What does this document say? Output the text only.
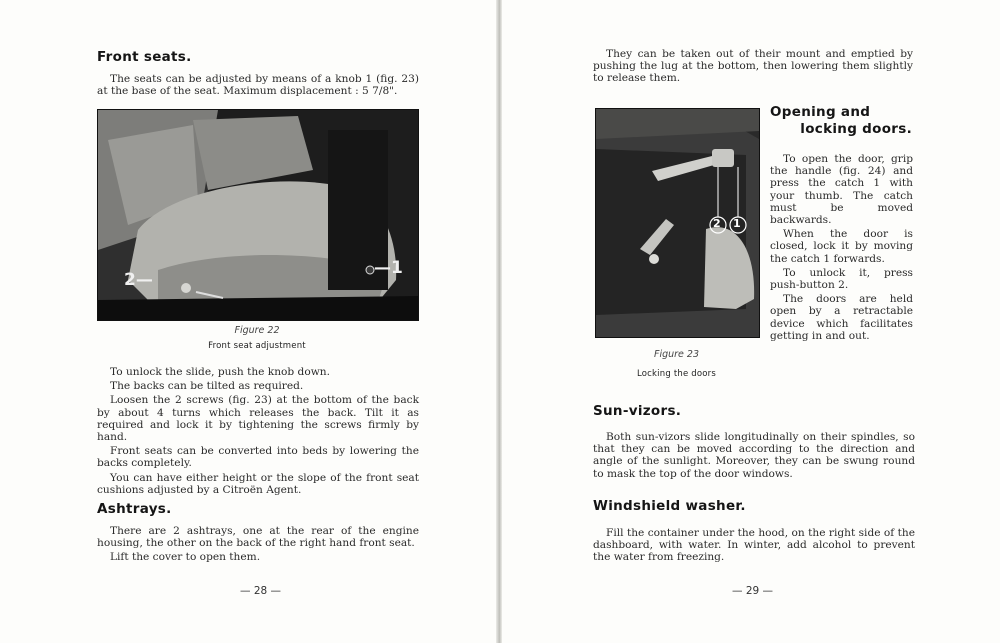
Front seats.

The seats can be adjusted by means of a knob 1 (fig. 23) at the base of the seat. Maximum displacement : 5 7/8".

2—
—1
Figure 22
Front seat adjustment

To unlock the slide, push the knob down.

The backs can be tilted as required.

Loosen the 2 screws (fig. 23) at the bottom of the back by about 4 turns which releases the back. Tilt it as required and lock it by tightening the screws firmly by hand.

Front seats can be converted into beds by lowering the backs completely.

You can have either height or the slope of the front seat cushions adjusted by a Citroën Agent.

Ashtrays.

There are 2 ashtrays, one at the rear of the engine housing, the other on the back of the right hand front seat.

Lift the cover to open them.

— 28 —

They can be taken out of their mount and emptied by pushing the lug at the bottom, then lowering them slightly to release them.

2 1
Figure 23
Locking the doors
Opening and
locking doors.

To open the door, grip the handle (fig. 24) and press the catch 1 with your thumb. The catch must be moved backwards.

When the door is closed, lock it by moving the catch 1 forwards.

To unlock it, press push-button 2.

The doors are held open by a retractable device which facilitates getting in and out.

Sun-vizors.

Both sun-vizors slide longitudinally on their spindles, so that they can be moved according to the direction and angle of the sunlight. Moreover, they can be swung round to mask the top of the door windows.

Windshield washer.

Fill the container under the hood, on the right side of the dashboard, with water. In winter, add alcohol to prevent the water from freezing.

— 29 —
